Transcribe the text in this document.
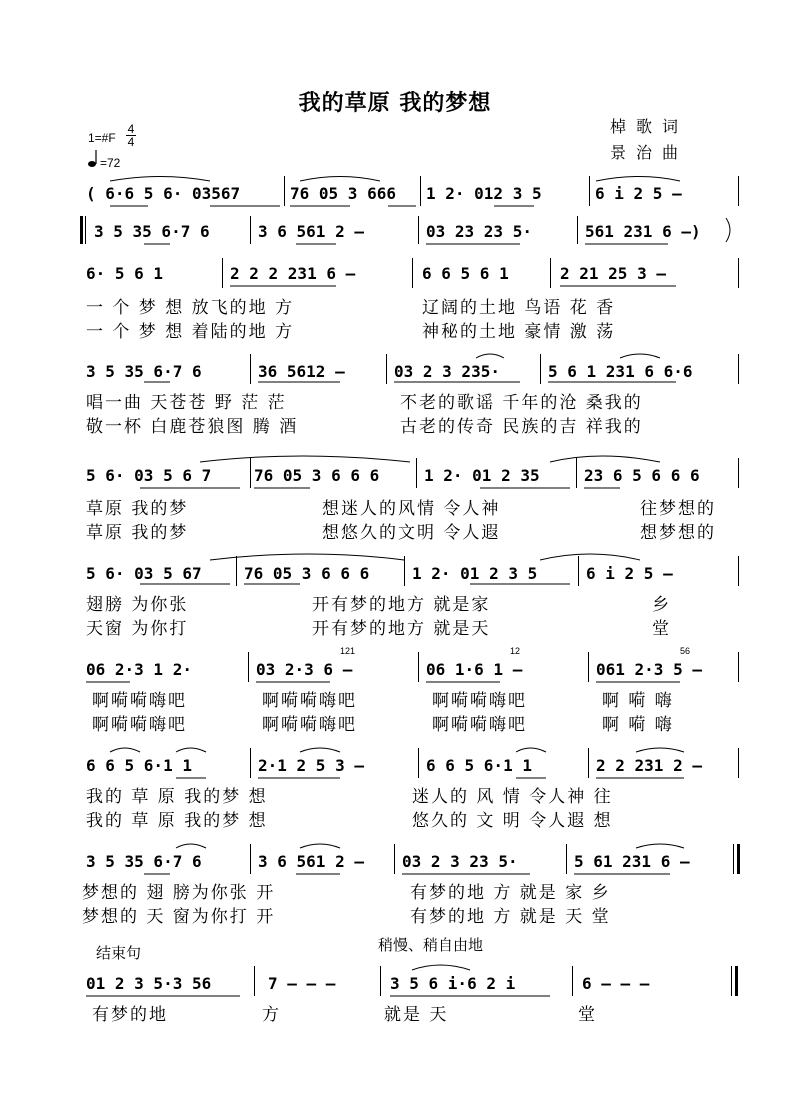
我的草原 我的梦想
棹歌词
景治曲
1=#F
4
4
=72
( 6·6 5 6· 03567	76 05 3 666 1 2· 012 3 5	6 i 2 5 –
3 5 35 6·7 6	3 6 561 2 –	03 23 23 5·	561 231 6 –)
6· 5 6 1	2 2 2 231 6 –	6 6 5 6 1	2 21 25 3 –
一 个 梦 想 放飞的地 方	辽阔的土地 鸟语 花 香
一 个 梦 想 着陆的地 方	神秘的土地 豪情 激 荡
3 5 35 6·7 6	36 5612 –	03 2 3 235·	5 6 1 231 6 6·6
唱一曲 天苍苍 野 茫 茫	不老的歌谣 千年的沧 桑我的
敬一杯 白鹿苍狼图 腾 酒	古老的传奇 民族的吉 祥我的
5 6· 03 5 6 7	76 05 3 6 6 6	1 2· 01 2 35	23 6 5 6 6 6
草原 我的梦	想迷人的风情 令人神	往梦想的
草原 我的梦	想悠久的文明 令人遐	想梦想的
5 6· 03 5 67	76 05 3 6 6 6	1 2· 01 2 3 5	6 i 2 5 –
翅膀 为你张	开有梦的地方 就是家	乡
天窗 为你打	开有梦的地方 就是天	堂
06 2·3 1 2·	03 2·3 6 –	06 1·6 1 –	061 2·3 5 –
121	12	56
啊嗬嗬嗨吧	啊嗬嗬嗨吧	啊嗬嗬嗨吧	啊 嗬 嗨
啊嗬嗬嗨吧	啊嗬嗬嗨吧	啊嗬嗬嗨吧	啊 嗬 嗨
6 6 5 6·1 1	2·1 2 5 3 –	6 6 5 6·1 1	2 2 231 2 –
我的 草 原 我的梦 想	迷人的 风 情 令人神 往
我的 草 原 我的梦 想	悠久的 文 明 令人遐 想
3 5 35 6·7 6	3 6 561 2 – 03 2 3 23 5·	5 61 231 6 –
梦想的 翅 膀为你张 开	有梦的地 方 就是 家 乡
梦想的 天 窗为你打 开	有梦的地 方 就是 天 堂
结束句	稍慢、稍自由地
01 2 3 5·3 56	7 – – –	3 5 6 i·6 2 i	6 – – –
有梦的地	方	就是 天	堂
